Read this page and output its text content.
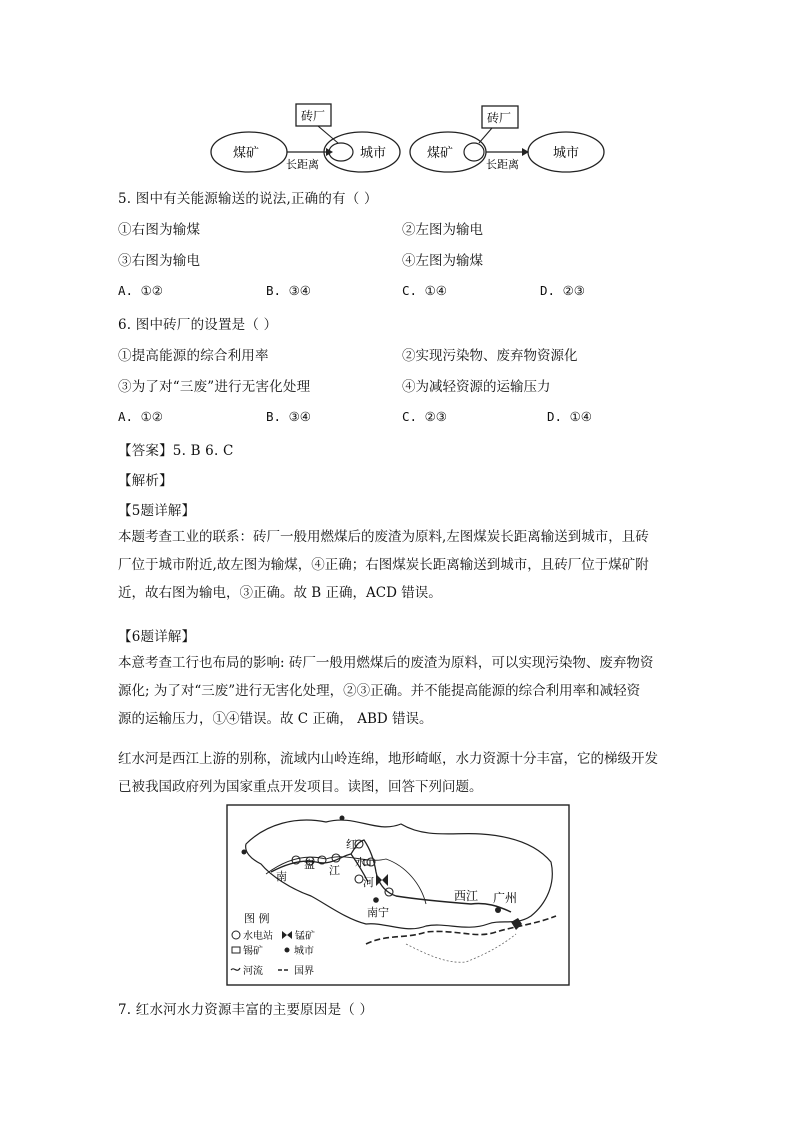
煤矿
长距离
城市
砖厂
煤矿
长距离
城市
砖厂
5. 图中有关能源输送的说法,正确的有（ ）
①右图为输煤	②左图为输电
③右图为输电	④左图为输煤
A. ①②	B. ③④	C. ①④	D. ②③
6. 图中砖厂的设置是（ ）
①提高能源的综合利用率	②实现污染物、废弃物资源化
③为了对“三废”进行无害化处理	④为减轻资源的运输压力
A. ①②	B. ③④	C. ②③	D. ①④
【答案】5. B 6. C
【解析】
【5题详解】
本题考查工业的联系：砖厂一般用燃煤后的废渣为原料,左图煤炭长距离输送到城市，且砖
厂位于城市附近,故左图为输煤，④正确；右图煤炭长距离输送到城市，且砖厂位于煤矿附
近，故右图为输电，③正确。故 B 正确，ACD 错误。
【6题详解】
本意考查工行也布局的影响: 砖厂一般用燃煤后的废渣为原料，可以实现污染物、废弃物资
源化; 为了对“三废”进行无害化处理，②③正确。并不能提高能源的综合利用率和减轻资
源的运输压力，①④错误。故 C 正确， ABD 错误。
红水河是西江上游的别称，流域内山岭连绵，地形崎岖，水力资源十分丰富，它的梯级开发
已被我国政府列为国家重点开发项目。读图，回答下列问题。
南
盘 江
红
水
河
南宁
西江 广州
图 例
水电站 锰矿
锡矿	城市
河流	国界
7. 红水河水力资源丰富的主要原因是（ ）
